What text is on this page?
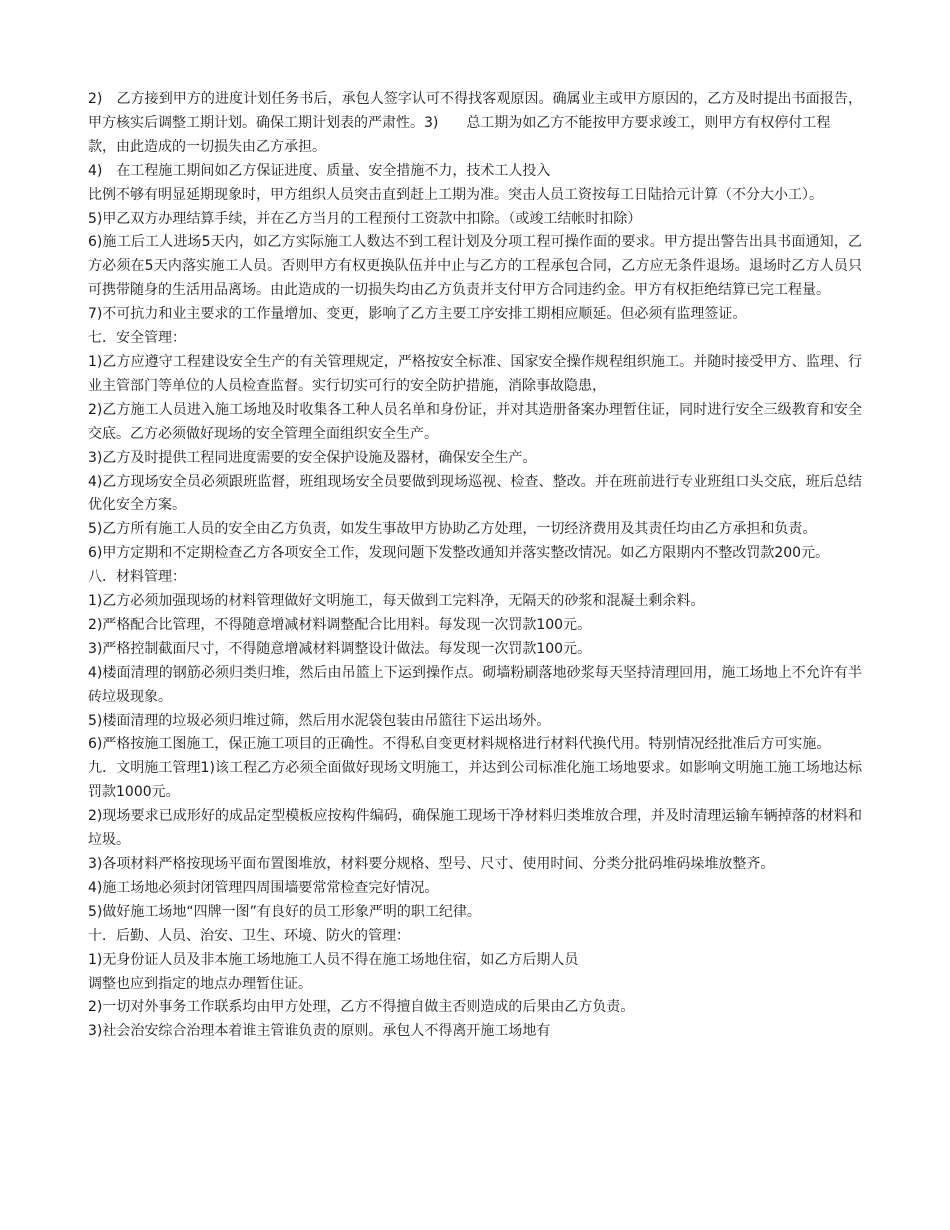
2)　乙方接到甲方的进度计划任务书后，承包人签字认可不得找客观原因。确属业主或甲方原因的，乙方及时提出书面报告，甲方核实后调整工期计划。确保工期计划表的严肃性。3)　　总工期为如乙方不能按甲方要求竣工，则甲方有权停付工程

款，由此造成的一切损失由乙方承担。

4)　在工程施工期间如乙方保证进度、质量、安全措施不力，技术工人投入

比例不够有明显延期现象时，甲方组织人员突击直到赶上工期为准。突击人员工资按每工日陆拾元计算（不分大小工）。

5)甲乙双方办理结算手续，并在乙方当月的工程预付工资款中扣除。（或竣工结帐时扣除）

6)施工后工人进场5天内，如乙方实际施工人数达不到工程计划及分项工程可操作面的要求。甲方提出警告出具书面通知，乙方必须在5天内落实施工人员。否则甲方有权更换队伍并中止与乙方的工程承包合同，乙方应无条件退场。退场时乙方人员只可携带随身的生活用品离场。由此造成的一切损失均由乙方负责并支付甲方合同违约金。甲方有权拒绝结算已完工程量。

7)不可抗力和业主要求的工作量增加、变更，影响了乙方主要工序安排工期相应顺延。但必须有监理签证。

七．安全管理：

1)乙方应遵守工程建设安全生产的有关管理规定，严格按安全标准、国家安全操作规程组织施工。并随时接受甲方、监理、行业主管部门等单位的人员检查监督。实行切实可行的安全防护措施，消除事故隐患，

2)乙方施工人员进入施工场地及时收集各工种人员名单和身份证，并对其造册备案办理暂住证，同时进行安全三级教育和安全交底。乙方必须做好现场的安全管理全面组织安全生产。

3)乙方及时提供工程同进度需要的安全保护设施及器材，确保安全生产。

4)乙方现场安全员必须跟班监督，班组现场安全员要做到现场巡视、检查、整改。并在班前进行专业班组口头交底，班后总结优化安全方案。

5)乙方所有施工人员的安全由乙方负责，如发生事故甲方协助乙方处理，一切经济费用及其责任均由乙方承担和负责。

6)甲方定期和不定期检查乙方各项安全工作，发现问题下发整改通知并落实整改情况。如乙方限期内不整改罚款200元。

八．材料管理：

1)乙方必须加强现场的材料管理做好文明施工，每天做到工完料净，无隔天的砂浆和混凝土剩余料。

2)严格配合比管理，不得随意增减材料调整配合比用料。每发现一次罚款100元。

3)严格控制截面尺寸，不得随意增减材料调整设计做法。每发现一次罚款100元。

4)楼面清理的钢筋必须归类归堆，然后由吊篮上下运到操作点。砌墙粉刷落地砂浆每天坚持清理回用，施工场地上不允许有半砖垃圾现象。

5)楼面清理的垃圾必须归堆过筛，然后用水泥袋包装由吊篮往下运出场外。

6)严格按施工图施工，保正施工项目的正确性。不得私自变更材料规格进行材料代换代用。特别情况经批准后方可实施。

九．文明施工管理1)该工程乙方必须全面做好现场文明施工，并达到公司标准化施工场地要求。如影响文明施工施工场地达标罚款1000元。

2)现场要求已成形好的成品定型模板应按构件编码，确保施工现场干净材料归类堆放合理，并及时清理运输车辆掉落的材料和垃圾。

3)各项材料严格按现场平面布置图堆放，材料要分规格、型号、尺寸、使用时间、分类分批码堆码垛堆放整齐。

4)施工场地必须封闭管理四周围墙要常常检查完好情况。

5)做好施工场地“四牌一图”有良好的员工形象严明的职工纪律。

十．后勤、人员、治安、卫生、环境、防火的管理：

1)无身份证人员及非本施工场地施工人员不得在施工场地住宿，如乙方后期人员

调整也应到指定的地点办理暂住证。

2)一切对外事务工作联系均由甲方处理，乙方不得擅自做主否则造成的后果由乙方负责。

3)社会治安综合治理本着谁主管谁负责的原则。承包人不得离开施工场地有
